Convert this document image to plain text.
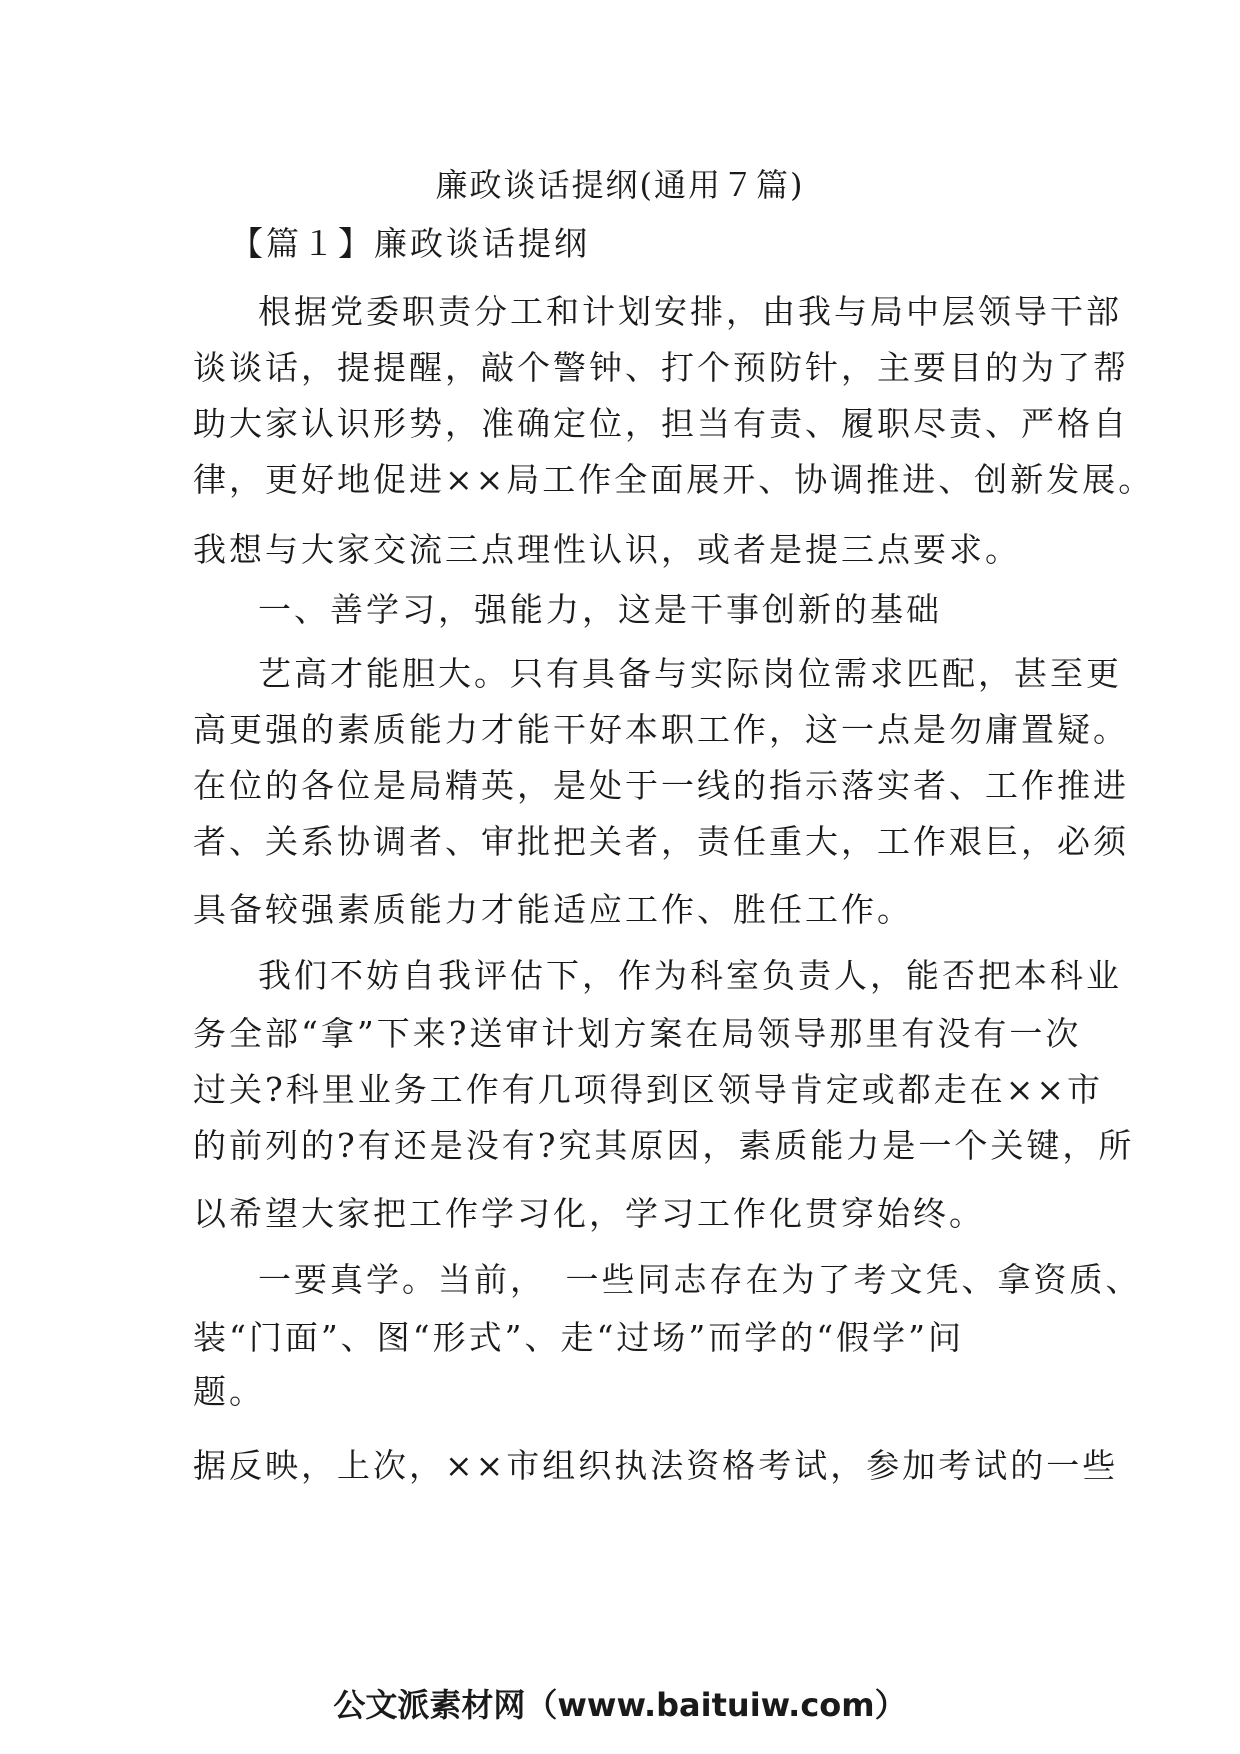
廉政谈话提纲(通用７篇)
【篇１】廉政谈话提纲
根据党委职责分工和计划安排，由我与局中层领导干部
谈谈话，提提醒，敲个警钟、打个预防针，主要目的为了帮
助大家认识形势，准确定位，担当有责、履职尽责、严格自
律，更好地促进××局工作全面展开、协调推进、创新发展。
我想与大家交流三点理性认识，或者是提三点要求。
一、善学习，强能力，这是干事创新的基础
艺高才能胆大。只有具备与实际岗位需求匹配，甚至更
高更强的素质能力才能干好本职工作，这一点是勿庸置疑。
在位的各位是局精英，是处于一线的指示落实者、工作推进
者、关系协调者、审批把关者，责任重大，工作艰巨，必须
具备较强素质能力才能适应工作、胜任工作。
我们不妨自我评估下，作为科室负责人，能否把本科业
务全部“拿”下来?送审计划方案在局领导那里有没有一次
过关?科里业务工作有几项得到区领导肯定或都走在××市
的前列的?有还是没有?究其原因，素质能力是一个关键，所
以希望大家把工作学习化，学习工作化贯穿始终。
一要真学。当前，　一些同志存在为了考文凭、拿资质、
装“门面”、图“形式”、走“过场”而学的“假学”问
题。
据反映，上次，××市组织执法资格考试，参加考试的一些
公文派素材网（www.baituiw.com）
